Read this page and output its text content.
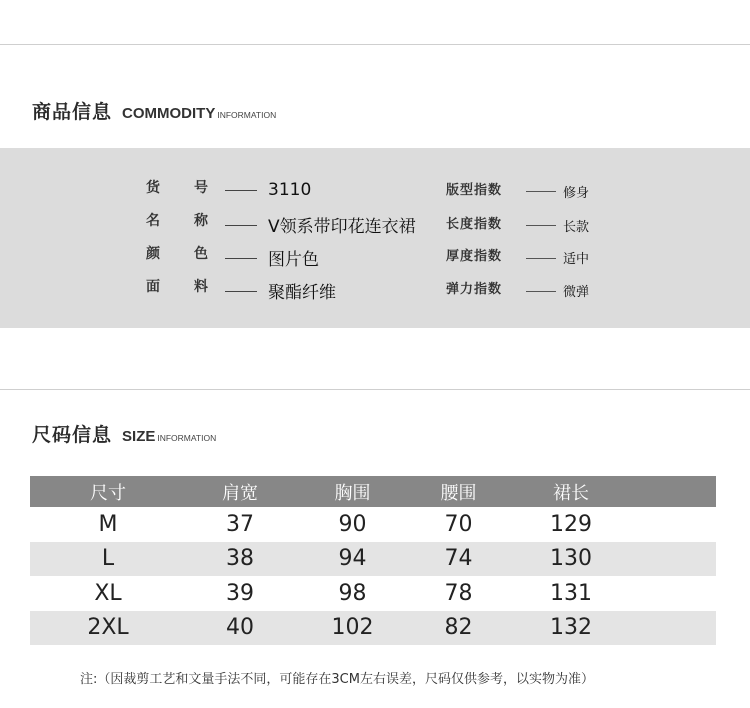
商品信息 COMMODITY INFORMATION
货 号	3110
名 称	V领系带印花连衣裙
颜 色	图片色
面 料	聚酯纤维
版型指数	修身
长度指数	长款
厚度指数	适中
弹力指数	微弹
尺码信息 SIZE INFORMATION
尺寸	肩宽	胸围	腰围	裙长
M	37	90	70	129
L	38	94	74	130
XL	39	98	78	131
2XL	40	102	82	132
注:（因裁剪工艺和文量手法不同，可能存在3CM左右误差，尺码仅供参考，以实物为准）
